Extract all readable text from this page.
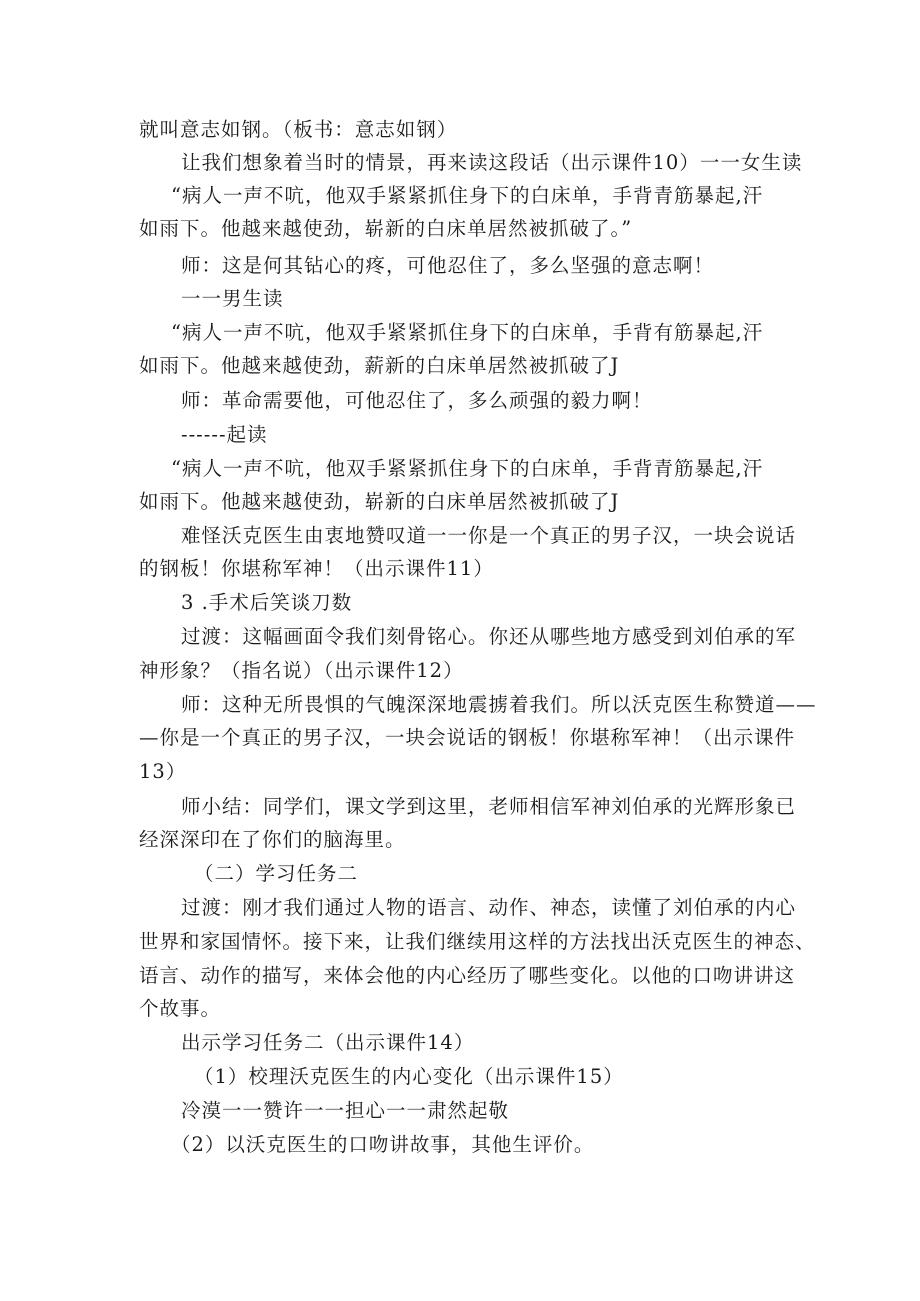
就叫意志如钢。（板书：意志如钢）
让我们想象着当时的情景，再来读这段话（出示课件10）一一女生读
“病人一声不吭，他双手紧紧抓住身下的白床单，手背青筋暴起,汗
如雨下。他越来越使劲，崭新的白床单居然被抓破了。”
师：这是何其钻心的疼，可他忍住了，多么坚强的意志啊！
一一男生读
“病人一声不吭，他双手紧紧抓住身下的白床单，手背有筋暴起,汗
如雨下。他越来越使劲，薪新的白床单居然被抓破了J
师：革命需要他，可他忍住了，多么顽强的毅力啊！
------起读
“病人一声不吭，他双手紧紧抓住身下的白床单，手背青筋暴起,汗
如雨下。他越来越使劲，崭新的白床单居然被抓破了J
难怪沃克医生由衷地赞叹道一一你是一个真正的男子汉，一块会说话
的钢板！你堪称军神！（出示课件11）
3 .手术后笑谈刀数
过渡：这幅画面令我们刻骨铭心。你还从哪些地方感受到刘伯承的军
神形象？（指名说）（出示课件12）
师：这种无所畏惧的气魄深深地震掳着我们。所以沃克医生称赞道——
—你是一个真正的男子汉，一块会说话的钢板！你堪称军神！（出示课件
13）
师小结：同学们，课文学到这里，老师相信军神刘伯承的光辉形象已
经深深印在了你们的脑海里。
（二）学习任务二
过渡：刚才我们通过人物的语言、动作、神态，读懂了刘伯承的内心
世界和家国情怀。接下来，让我们继续用这样的方法找出沃克医生的神态、
语言、动作的描写，来体会他的内心经历了哪些变化。以他的口吻讲讲这
个故事。
出示学习任务二（出示课件14）
（1）校理沃克医生的内心变化（出示课件15）
冷漠一一赞许一一担心一一肃然起敬
（2）以沃克医生的口吻讲故事，其他生评价。
